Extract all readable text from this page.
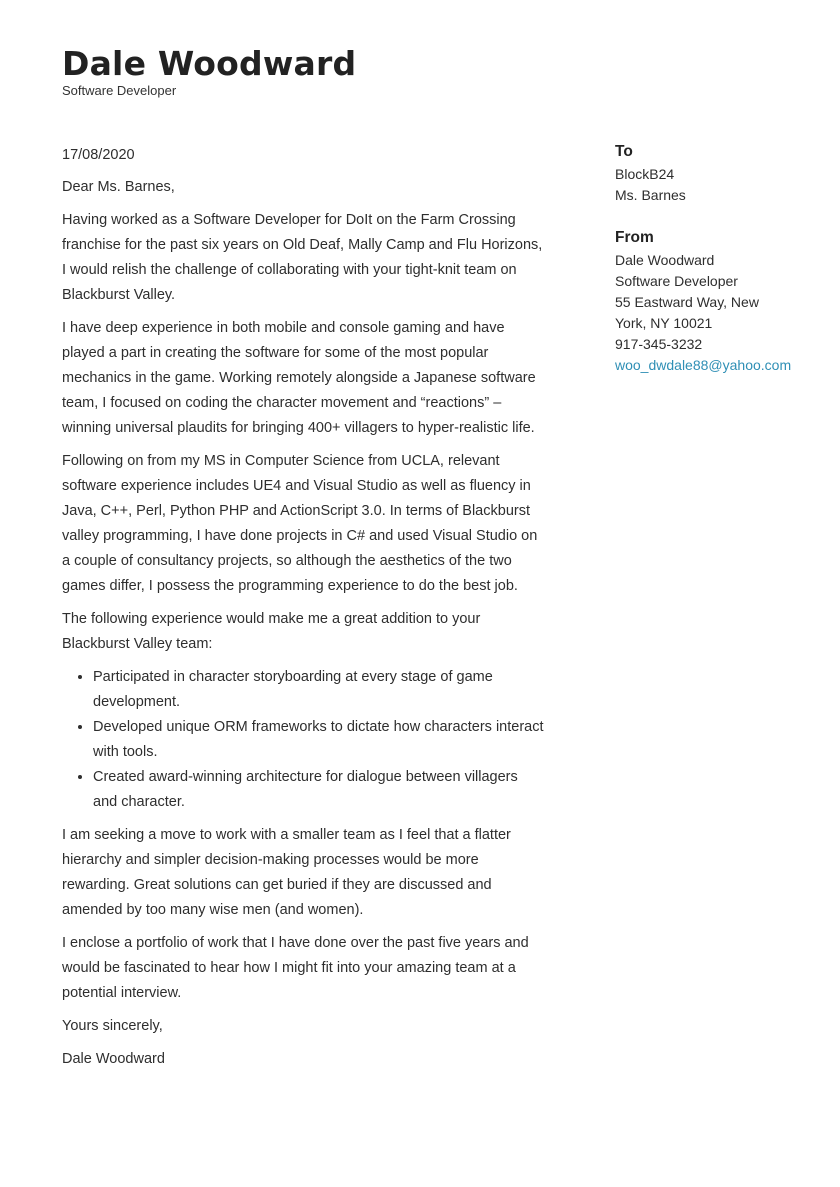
Dale Woodward
Software Developer

17/08/2020

Dear Ms. Barnes,

Having worked as a Software Developer for DoIt on the Farm Crossing franchise for the past six years on Old Deaf, Mally Camp and Flu Horizons, I would relish the challenge of collaborating with your tight-knit team on Blackburst Valley.

I have deep experience in both mobile and console gaming and have played a part in creating the software for some of the most popular mechanics in the game. Working remotely alongside a Japanese software team, I focused on coding the character movement and “reactions” – winning universal plaudits for bringing 400+ villagers to hyper-realistic life.

Following on from my MS in Computer Science from UCLA, relevant software experience includes UE4 and Visual Studio as well as fluency in Java, C++, Perl, Python PHP and ActionScript 3.0. In terms of Blackburst valley programming, I have done projects in C# and used Visual Studio on a couple of consultancy projects, so although the aesthetics of the two games differ, I possess the programming experience to do the best job.

The following experience would make me a great addition to your Blackburst Valley team:

• Participated in character storyboarding at every stage of game development.
• Developed unique ORM frameworks to dictate how characters interact with tools.
• Created award-winning architecture for dialogue between villagers and character.

I am seeking a move to work with a smaller team as I feel that a flatter hierarchy and simpler decision-making processes would be more rewarding. Great solutions can get buried if they are discussed and amended by too many wise men (and women).

I enclose a portfolio of work that I have done over the past five years and would be fascinated to hear how I might fit into your amazing team at a potential interview.

Yours sincerely,

Dale Woodward

To
BlockB24
Ms. Barnes
From
Dale Woodward
Software Developer
55 Eastward Way, New
York, NY 10021
917-345-3232
woo_dwdale88@yahoo.com
